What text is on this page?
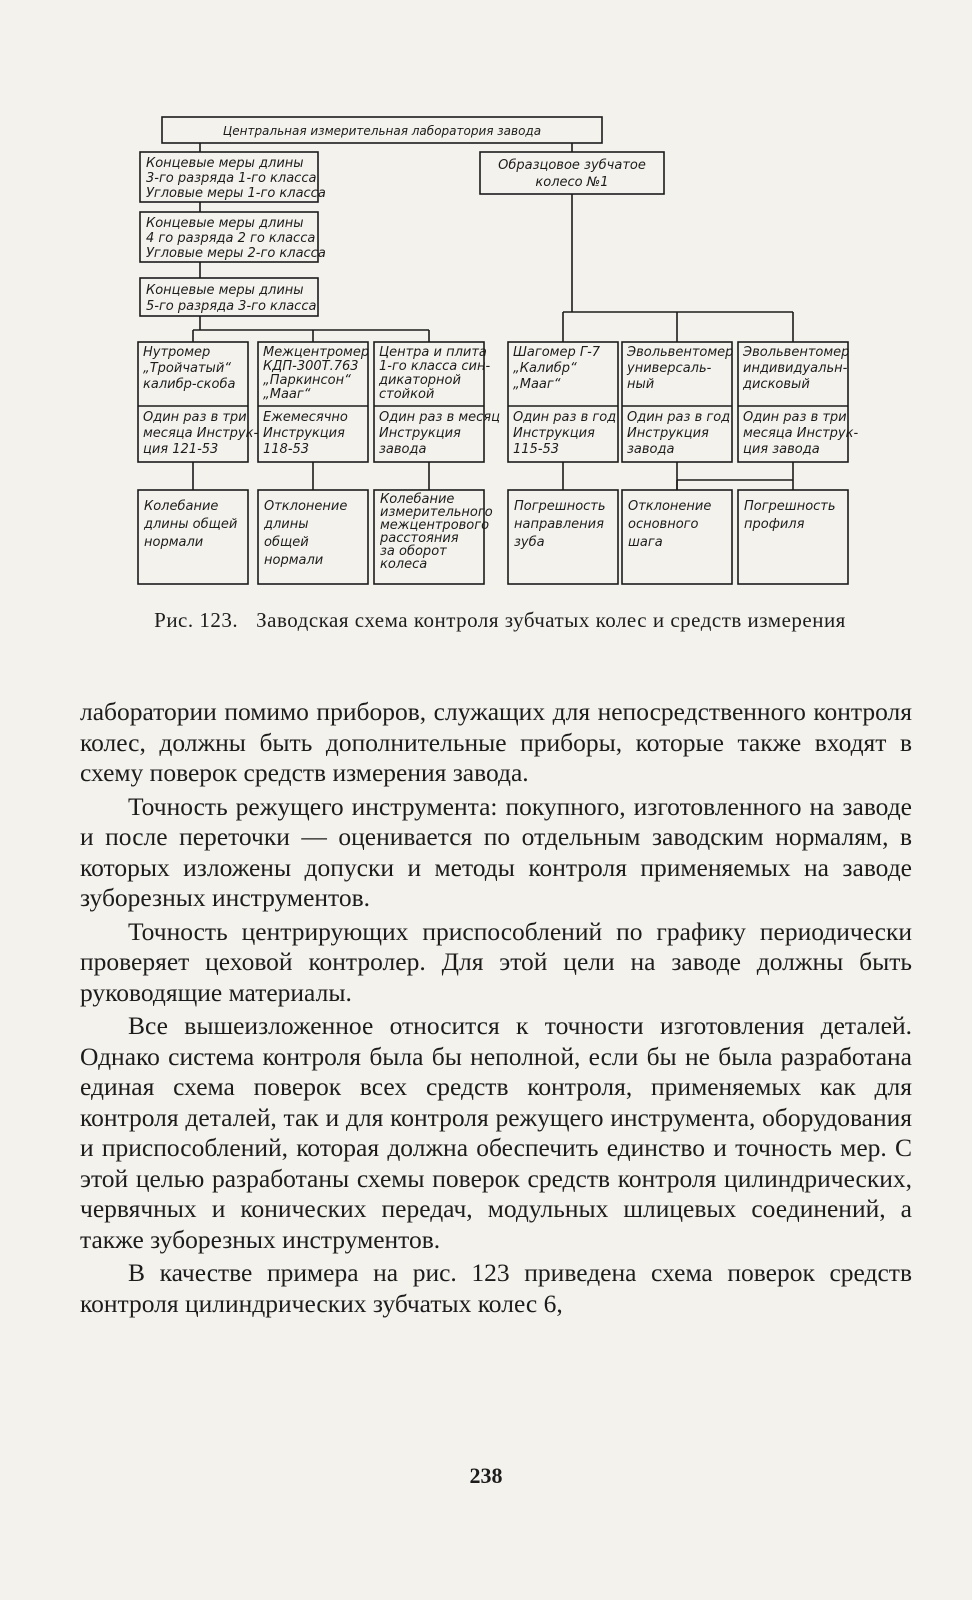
Центральная измерительная лаборатория завода
Концевые меры длины
3-го разряда 1-го класса
Угловые меры 1-го класса
Концевые меры длины
4 го разряда 2 го класса
Угловые меры 2-го класса
Концевые меры длины
5-го разряда 3-го класса
Образцовое зубчатое
колесо №1
Нутромер
„Тройчатый“
калибр-скоба
Один раз в три
месяца Инструк-
ция 121-53
Межцентромер
КДП-300Т.763
„Паркинсон“
„Мааг“
Ежемесячно
Инструкция
118-53
Центра и плита
1-го класса син-
дикаторной
стойкой
Один раз в месяц
Инструкция
завода
Шагомер Г-7
„Калибр“
„Мааг“
Один раз в год
Инструкция
115-53
Эвольвентомер
универсаль-
ный
Один раз в год
Инструкция
завода
Эвольвентомер
индивидуальн-
дисковый
Один раз в три
месяца Инструк-
ция завода
Колебание
длины общей
нормали
Отклонение
длины
общей
нормали
Колебание
измерительного
межцентрового
расстояния
за оборот
колеса
Погрешность
направления
зуба
Отклонение
основного
шага
Погрешность
профиля
Рис. 123. Заводская схема контроля зубчатых колес и средств измерения

лаборатории помимо приборов, служащих для непосредственного контроля колес, должны быть дополнительные приборы, которые также входят в схему поверок средств измерения завода.

Точность режущего инструмента: покупного, изготовленного на заводе и после переточки — оценивается по отдельным заводским нормалям, в которых изложены допуски и методы контроля применяемых на заводе зуборезных инструментов.

Точность центрирующих приспособлений по графику периодически проверяет цеховой контролер. Для этой цели на заводе должны быть руководящие материалы.

Все вышеизложенное относится к точности изготовления деталей. Однако система контроля была бы неполной, если бы не была разработана единая схема поверок всех средств контроля, применяемых как для контроля деталей, так и для контроля режущего инструмента, оборудования и приспособлений, которая должна обеспечить единство и точность мер. С этой целью разработаны схемы поверок средств контроля цилиндрических, червячных и конических передач, модульных шлицевых соединений, а также зуборезных инструментов.

В качестве примера на рис. 123 приведена схема поверок средств контроля цилиндрических зубчатых колес 6,

238
